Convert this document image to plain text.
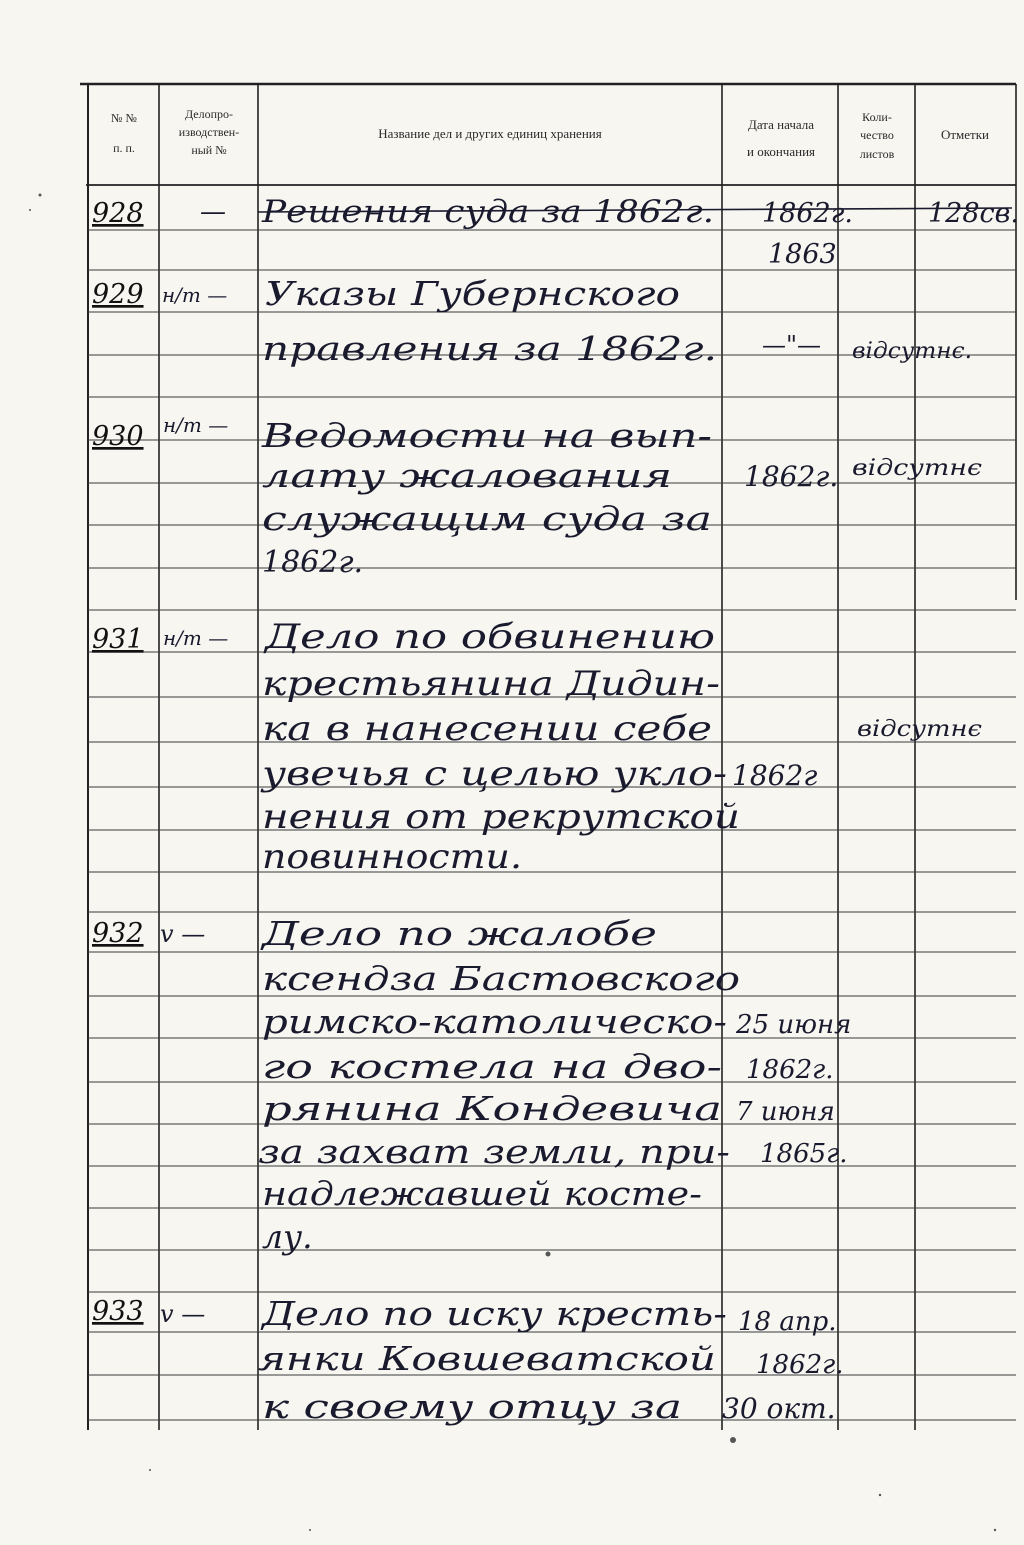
№ №
п. п.
Делопро-
изводствен-
ный №
Название дел и других единиц хранения
Дата начала
и окончания
Коли-
чество
листов
Отметки
928 — Решения суда за 1862г. 1862г.
1863
128св.
929 н/т — Указы Губернского
правления за 1862г. —"— відсутнє.
930 н/т — Ведомости на вып-
лату жалования
служащим суда за
1862г.
1862г. відсутнє
931 н/т — Дело по обвинению
крестьянина Дидин-
ка в нанесении себе
увечья с целью укло-
нения от рекрутской
повинности.
1862г
відсутнє
932 v — Дело по жалобе
ксендза Бастовского
римско-католическо-
го костела на дво-
рянина Кондевича
за захват земли, при-
надлежавшей косте-
лу.
25 июня
1862г.
7 июня
1865г.
933 v — Дело по иску кресть-
янки Ковшеватской
к своему отцу за
18 апр.
1862г.
30 окт.
